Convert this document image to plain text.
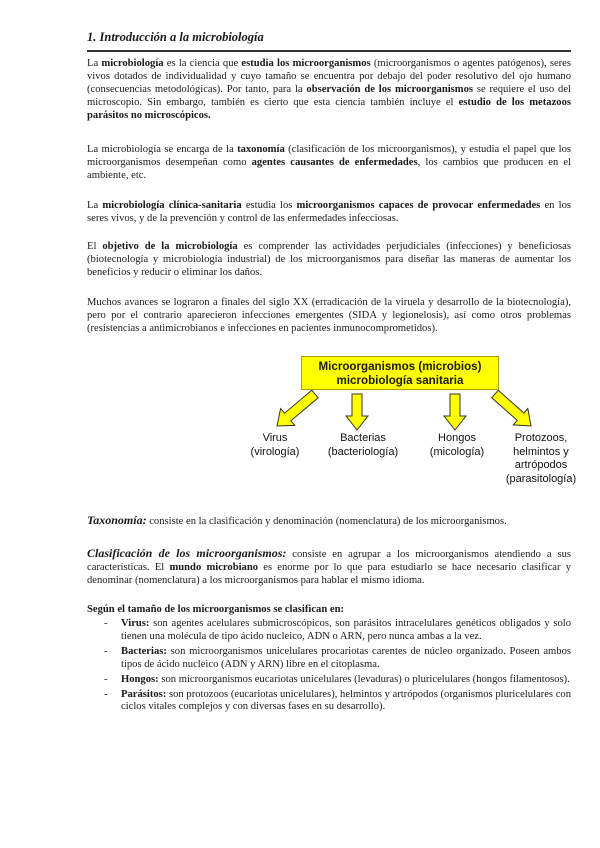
1. Introducción a la microbiología

La microbiología es la ciencia que estudia los microorganismos (microorganismos o agentes patógenos), seres vivos dotados de individualidad y cuyo tamaño se encuentra por debajo del poder resolutivo del ojo humano (consecuencias metodológicas). Por tanto, para la observación de los microorganismos se requiere el uso del microscopio. Sin embargo, también es cierto que esta ciencia también incluye el estudio de los metazoos parásitos no microscópicos.

La microbiología se encarga de la taxonomía (clasificación de los microorganismos), y estudia el papel que los microorganismos desempeñan como agentes causantes de enfermedades, los cambios que producen en el ambiente, etc.

La microbiología clínica-sanitaria estudia los microorganismos capaces de provocar enfermedades en los seres vivos, y de la prevención y control de las enfermedades infecciosas.

El objetivo de la microbiología es comprender las actividades perjudiciales (infecciones) y beneficiosas (biotecnología y microbiología industrial) de los microorganismos para diseñar las maneras de aumentar los beneficios y reducir o eliminar los daños.

Muchos avances se lograron a finales del siglo XX (erradicación de la viruela y desarrollo de la biotecnología), pero por el contrario aparecieron infecciones emergentes (SIDA y legionelosis), así como otros problemas (resistencias a antimicrobianos e infecciones en pacientes inmunocomprometidos).

Microorganismos (microbios)
microbiología sanitaria
Virus
(virología)
Bacterias
(bacteriología)
Hongos
(micología)
Protozoos,
helmintos y
artrópodos
(parasitología)

Taxonomía: consiste en la clasificación y denominación (nomenclatura) de los microorganismos.

Clasificación de los microorganismos: consiste en agrupar a los microorganismos atendiendo a sus características. El mundo microbiano es enorme por lo que para estudiarlo se hace necesario clasificar y denominar (nomenclatura) a los microorganismos para hablar el mismo idioma.

Según el tamaño de los microorganismos se clasifican en:
- Virus: son agentes acelulares submicroscópicos, son parásitos intracelulares genéticos obligados y solo tienen una molécula de tipo ácido nucleico, ADN o ARN, pero nunca ambas a la vez.
- Bacterias: son microorganismos unicelulares procariotas carentes de núcleo organizado. Poseen ambos tipos de ácido nucleico (ADN y ARN) libre en el citoplasma.
- Hongos: son microorganismos eucariotas unicelulares (levaduras) o pluricelulares (hongos filamentosos).
- Parásitos: son protozoos (eucariotas unicelulares), helmintos y artrópodos (organismos pluricelulares con ciclos vitales complejos y con diversas fases en su desarrollo).
